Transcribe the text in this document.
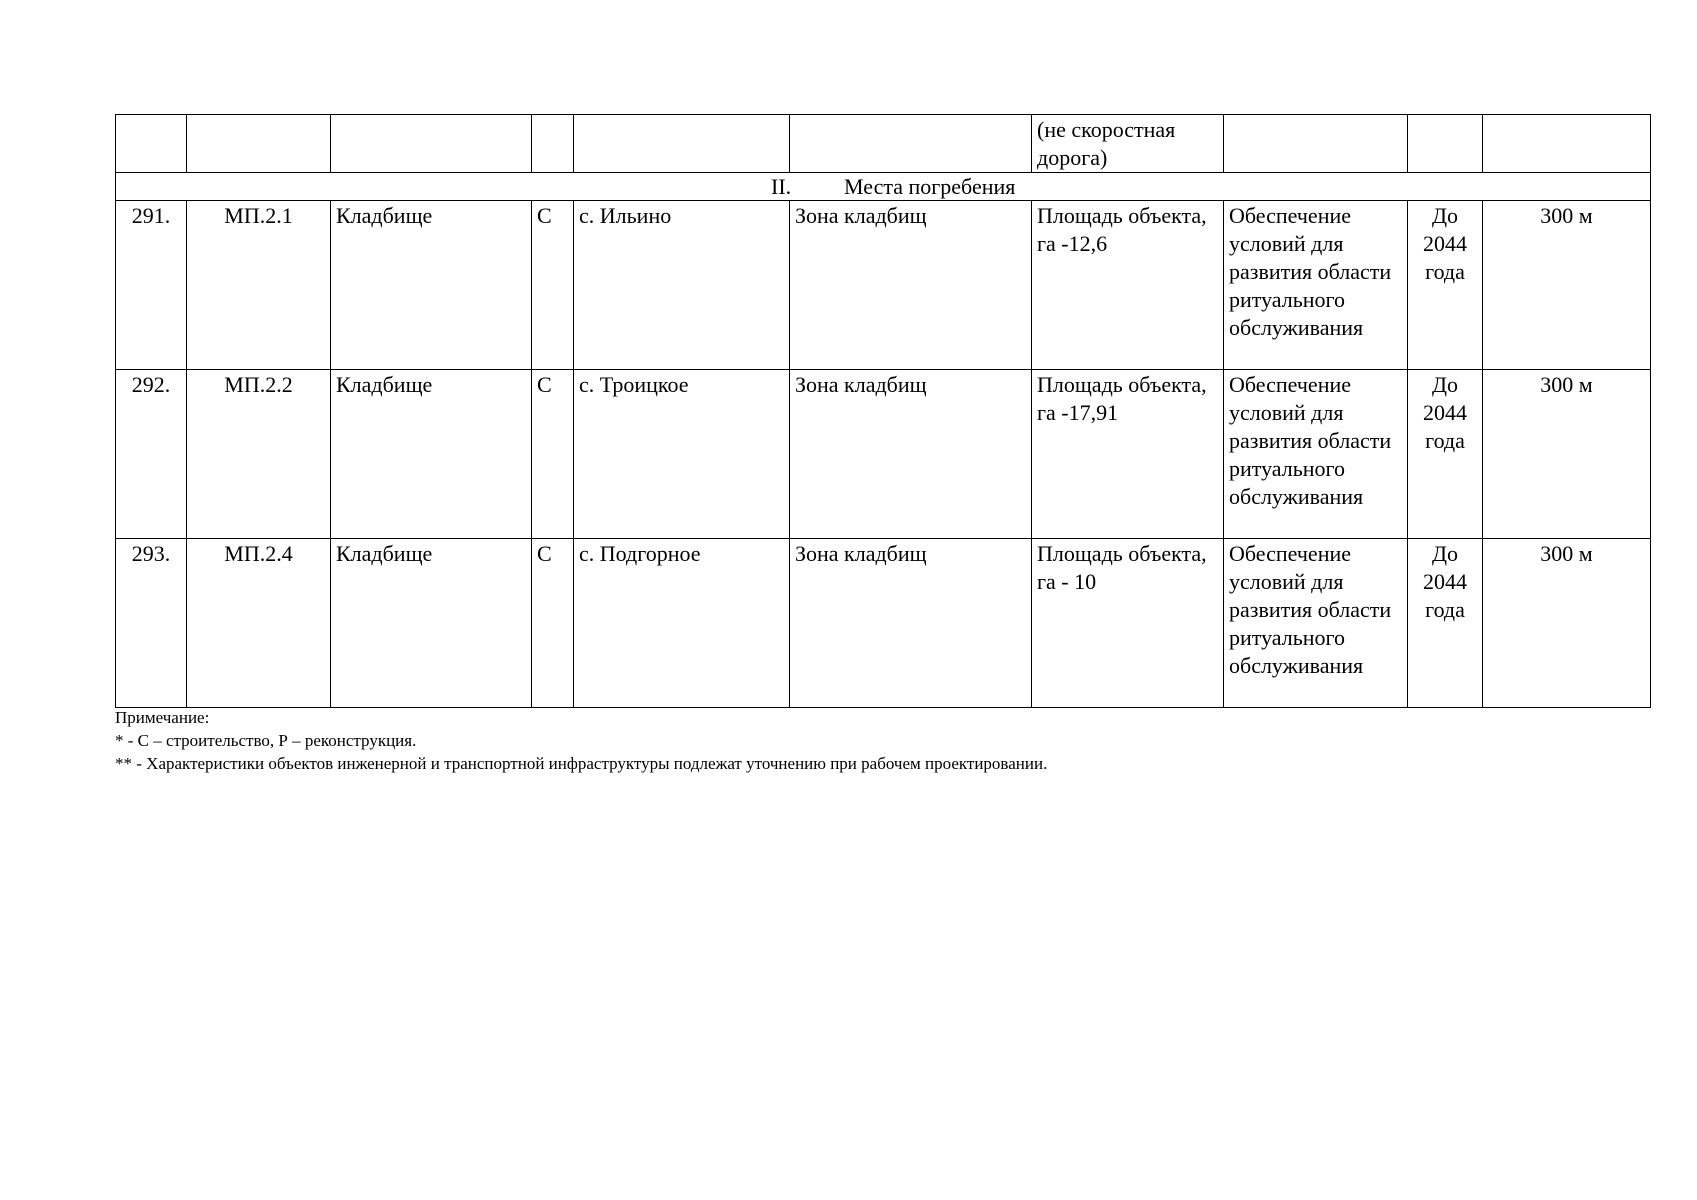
						(не скоростная
дорога)			

II. Места погребения									

291.	МП.2.1	Кладбище	С	с. Ильино	Зона кладбищ	Площадь объекта, га -12,6	Обеспечение условий для развития области ритуального обслуживания	До 2044 года	300 м
292.	МП.2.2	Кладбище	С	с. Троицкое	Зона кладбищ	Площадь объекта, га -17,91	Обеспечение условий для развития области ритуального обслуживания	До 2044 года	300 м
293.	МП.2.4	Кладбище	С	с. Подгорное	Зона кладбищ	Площадь объекта, га - 10	Обеспечение условий для развития области ритуального обслуживания	До 2044 года	300 м
Примечание:
* - С – строительство, Р – реконструкция.
** - Характеристики объектов инженерной и транспортной инфраструктуры подлежат уточнению при рабочем проектировании.
